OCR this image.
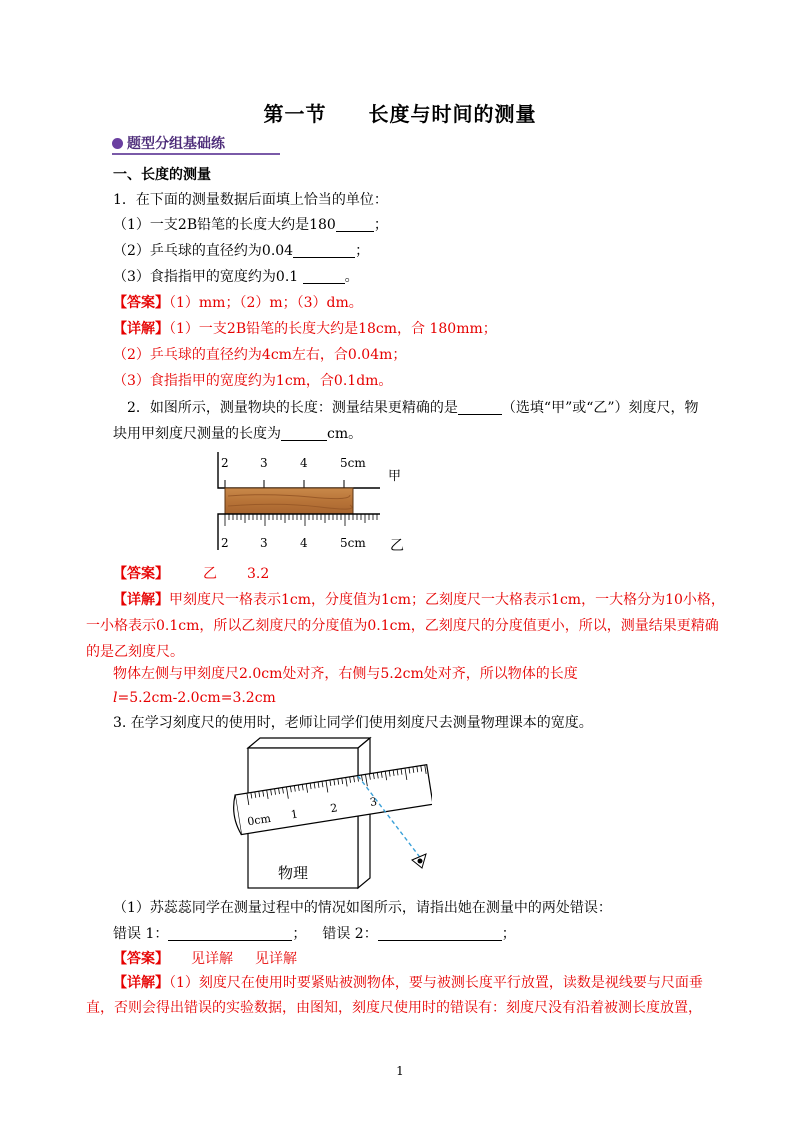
第一节　　长度与时间的测量
题型分组基础练
一、长度的测量
1．在下面的测量数据后面填上恰当的单位：
（1）一支2B铅笔的长度大约是180	；
（2）乒乓球的直径约为0.04	；
（3）食指指甲的宽度约为0.1	。
【答案】（1）mm；（2）m；（3）dm。
【详解】（1）一支2B铅笔的长度大约是18cm，合 180mm；
（2）乒乓球的直径约为4cm左右，合0.04m；
（3）食指指甲的宽度约为1cm，合0.1dm。
2．如图所示，测量物块的长度：测量结果更精确的是	（选填“甲”或“乙”）刻度尺，物
块用甲刻度尺测量的长度为	cm。
2	3	4	5cm
甲
2	3	4	5cm 乙
【答案】 乙 3.2
【详解】甲刻度尺一格表示1cm，分度值为1cm；乙刻度尺一大格表示1cm，一大格分为10小格，
一小格表示0.1cm，所以乙刻度尺的分度值为0.1cm，乙刻度尺的分度值更小，所以，测量结果更精确
的是乙刻度尺。
物体左侧与甲刻度尺2.0cm处对齐，右侧与5.2cm处对齐，所以物体的长度
l=5.2cm-2.0cm=3.2cm
3. 在学习刻度尺的使用时，老师让同学们使用刻度尺去测量物理课本的宽度。
物理
0cm 1	2	3
（1）苏蕊蕊同学在测量过程中的情况如图所示，请指出她在测量中的两处错误：
错误 1：	； 错误 2：	；
【答案】 见详解 见详解
【详解】（1）刻度尺在使用时要紧贴被测物体，要与被测长度平行放置，读数是视线要与尺面垂
直，否则会得出错误的实验数据，由图知，刻度尺使用时的错误有：刻度尺没有沿着被测长度放置，
1
